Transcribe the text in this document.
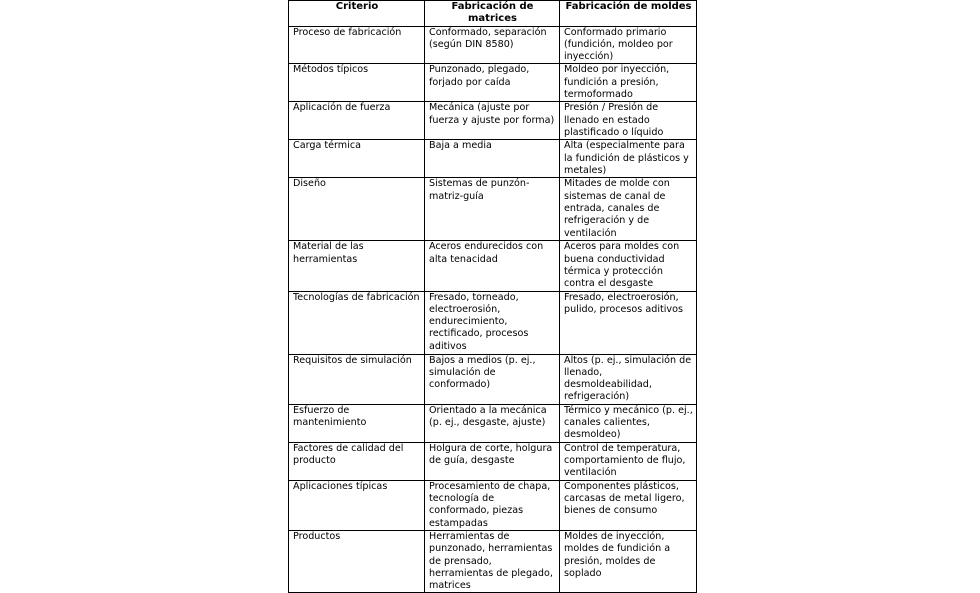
Criterio	Fabricación de matrices	Fabricación de moldes
Proceso de fabricación	Conformado, separación (según DIN 8580)	Conformado primario (fundición, moldeo por inyección)
Métodos típicos	Punzonado, plegado, forjado por caída	Moldeo por inyección, fundición a presión, termoformado
Aplicación de fuerza	Mecánica (ajuste por fuerza y ajuste por forma)	Presión / Presión de llenado en estado plastificado o líquido
Carga térmica	Baja a media	Alta (especialmente para la fundición de plásticos y metales)
Diseño	Sistemas de punzón-matriz-guía	Mitades de molde con sistemas de canal de entrada, canales de refrigeración y de ventilación
Material de las herramientas	Aceros endurecidos con alta tenacidad	Aceros para moldes con buena conductividad térmica y protección contra el desgaste
Tecnologías de fabricación	Fresado, torneado, electroerosión, endurecimiento, rectificado, procesos aditivos	Fresado, electroerosión, pulido, procesos aditivos
Requisitos de simulación	Bajos a medios (p. ej., simulación de conformado)	Altos (p. ej., simulación de llenado, desmoldeabilidad, refrigeración)
Esfuerzo de mantenimiento	Orientado a la mecánica (p. ej., desgaste, ajuste)	Térmico y mecánico (p. ej., canales calientes, desmoldeo)
Factores de calidad del producto	Holgura de corte, holgura de guía, desgaste	Control de temperatura, comportamiento de flujo, ventilación
Aplicaciones típicas	Procesamiento de chapa, tecnología de conformado, piezas estampadas	Componentes plásticos, carcasas de metal ligero, bienes de consumo
Productos	Herramientas de punzonado, herramientas de prensado, herramientas de plegado, matrices	Moldes de inyección, moldes de fundición a presión, moldes de soplado
